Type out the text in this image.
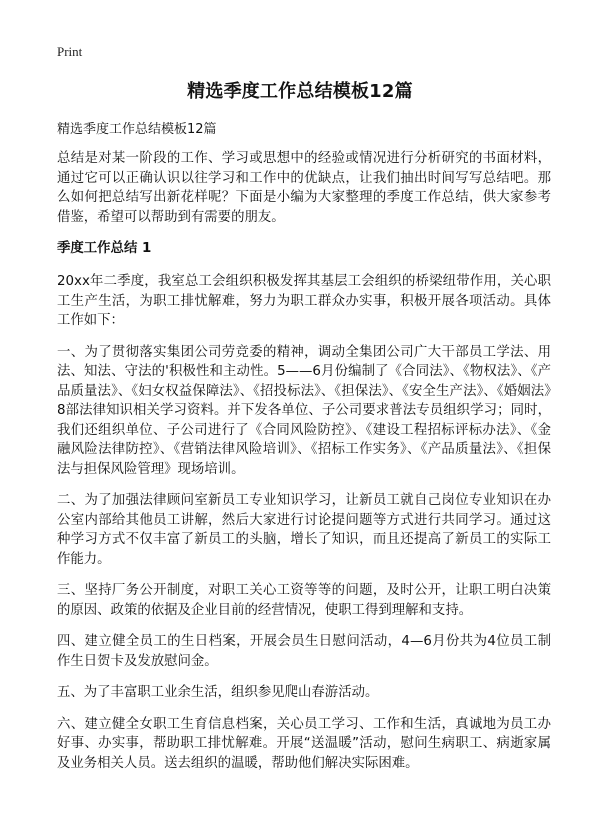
Print
精选季度工作总结模板12篇
精选季度工作总结模板12篇

总结是对某一阶段的工作、学习或思想中的经验或情况进行分析研究的书面材料，通过它可以正确认识以往学习和工作中的优缺点，让我们抽出时间写写总结吧。那么如何把总结写出新花样呢？下面是小编为大家整理的季度工作总结，供大家参考借鉴，希望可以帮助到有需要的朋友。

季度工作总结 1

20xx年二季度，我室总工会组织积极发挥其基层工会组织的桥梁纽带作用，关心职工生产生活，为职工排忧解难，努力为职工群众办实事，积极开展各项活动。具体工作如下：

一、为了贯彻落实集团公司劳竞委的精神，调动全集团公司广大干部员工学法、用法、知法、守法的'积极性和主动性。5——6月份编制了《合同法》、《物权法》、《产品质量法》、《妇女权益保障法》、《招投标法》、《担保法》、《安全生产法》、《婚姻法》8部法律知识相关学习资料。并下发各单位、子公司要求普法专员组织学习；同时，我们还组织单位、子公司进行了《合同风险防控》、《建设工程招标评标办法》、《金融风险法律防控》、《营销法律风险培训》、《招标工作实务》、《产品质量法》、《担保法与担保风险管理》现场培训。

二、为了加强法律顾问室新员工专业知识学习，让新员工就自己岗位专业知识在办公室内部给其他员工讲解，然后大家进行讨论提问题等方式进行共同学习。通过这种学习方式不仅丰富了新员工的头脑，增长了知识，而且还提高了新员工的实际工作能力。

三、坚持厂务公开制度，对职工关心工资等等的问题，及时公开，让职工明白决策的原因、政策的依据及企业目前的经营情况，使职工得到理解和支持。

四、建立健全员工的生日档案，开展会员生日慰问活动，4—6月份共为4位员工制作生日贺卡及发放慰问金。

五、为了丰富职工业余生活，组织参见爬山春游活动。

六、建立健全女职工生育信息档案，关心员工学习、工作和生活，真诚地为员工办好事、办实事，帮助职工排忧解难。开展“送温暖”活动，慰问生病职工、病逝家属及业务相关人员。送去组织的温暖，帮助他们解决实际困难。
